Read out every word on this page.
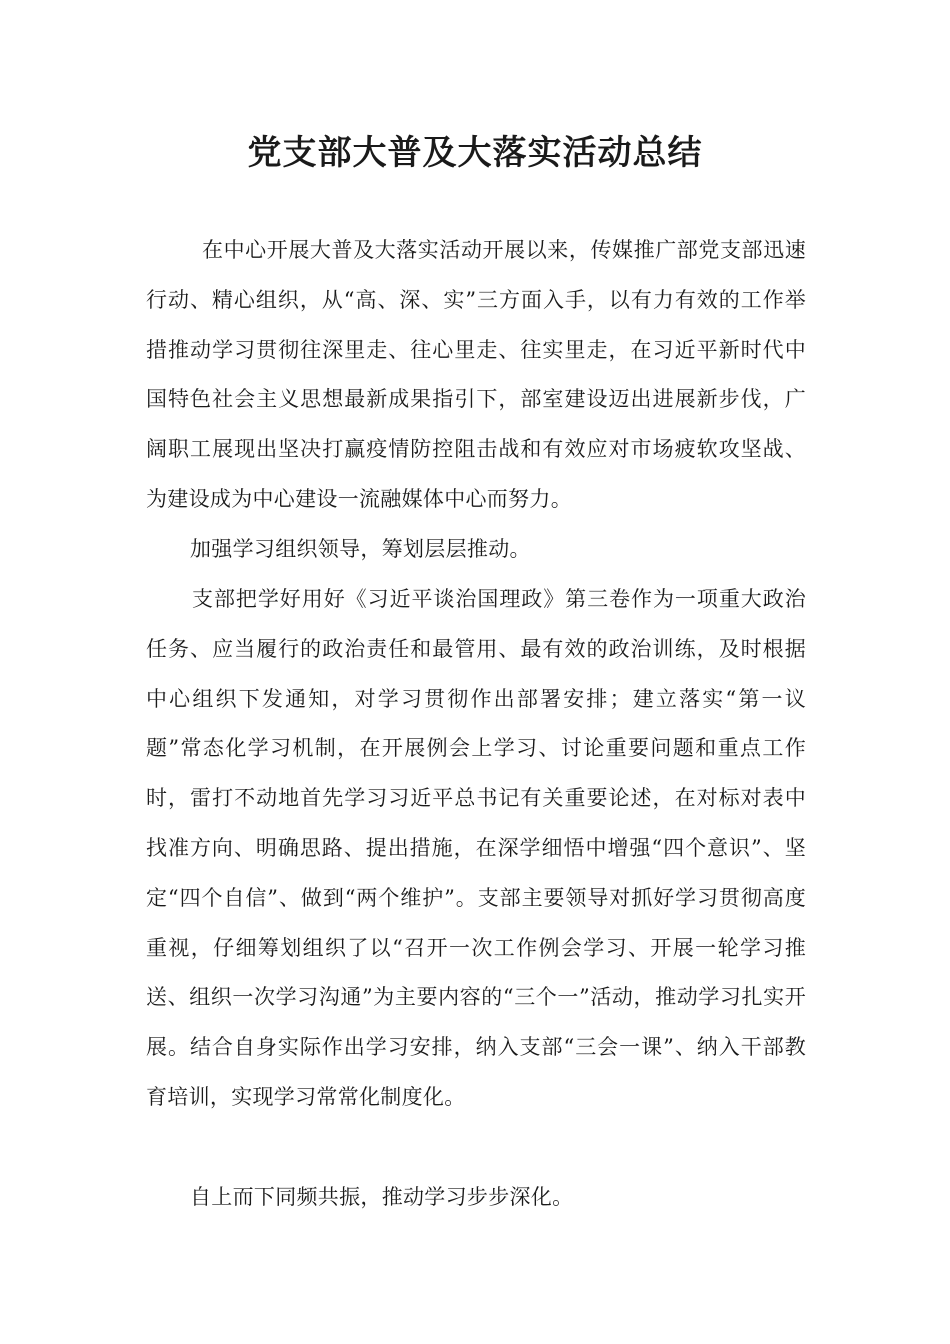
党支部大普及大落实活动总结

在中心开展大普及大落实活动开展以来，传媒推广部党支部迅速行动、精心组织，从“高、深、实”三方面入手，以有力有效的工作举措推动学习贯彻往深里走、往心里走、往实里走，在习近平新时代中国特色社会主义思想最新成果指引下，部室建设迈出进展新步伐，广阔职工展现出坚决打赢疫情防控阻击战和有效应对市场疲软攻坚战、为建设成为中心建设一流融媒体中心而努力。

加强学习组织领导，筹划层层推动。

支部把学好用好《习近平谈治国理政》第三卷作为一项重大政治任务、应当履行的政治责任和最管用、最有效的政治训练，及时根据中心组织下发通知，对学习贯彻作出部署安排；建立落实“第一议题”常态化学习机制，在开展例会上学习、讨论重要问题和重点工作时，雷打不动地首先学习习近平总书记有关重要论述，在对标对表中找准方向、明确思路、提出措施，在深学细悟中增强“四个意识”、坚定“四个自信”、做到“两个维护”。支部主要领导对抓好学习贯彻高度重视，仔细筹划组织了以“召开一次工作例会学习、开展一轮学习推送、组织一次学习沟通”为主要内容的“三个一”活动，推动学习扎实开展。结合自身实际作出学习安排，纳入支部“三会一课”、纳入干部教育培训，实现学习常常化制度化。

自上而下同频共振，推动学习步步深化。
